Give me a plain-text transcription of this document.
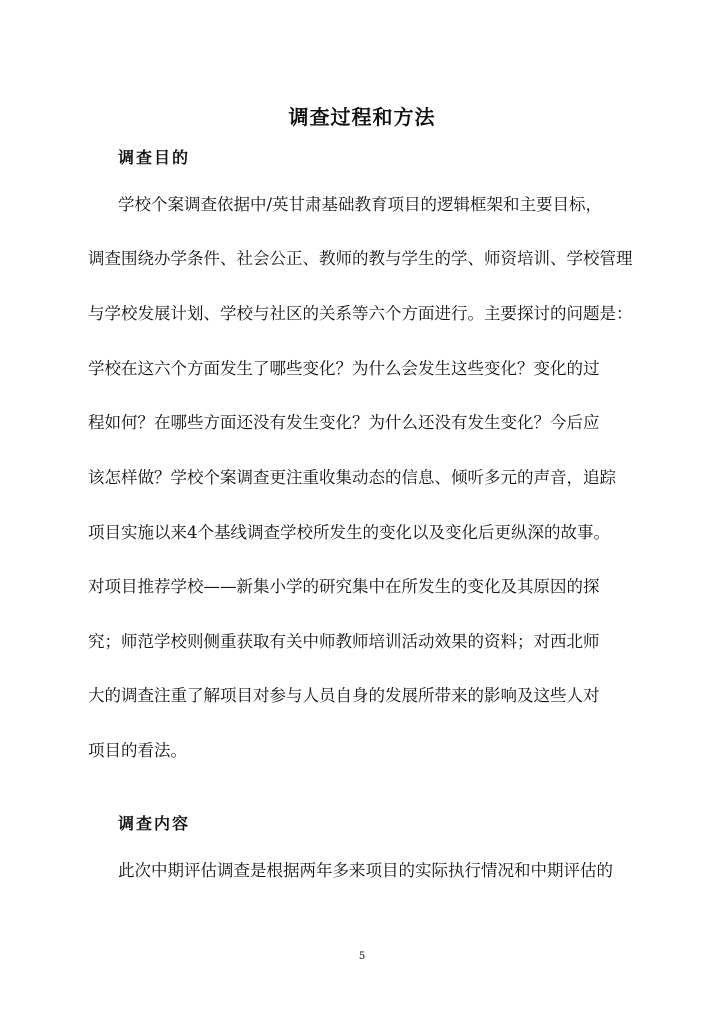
调查过程和方法
调查目的
学校个案调查依据中/英甘肃基础教育项目的逻辑框架和主要目标，
调查围绕办学条件、社会公正、教师的教与学生的学、师资培训、学校管理
与学校发展计划、学校与社区的关系等六个方面进行。主要探讨的问题是：
学校在这六个方面发生了哪些变化？为什么会发生这些变化？变化的过
程如何？在哪些方面还没有发生变化？为什么还没有发生变化？今后应
该怎样做？学校个案调查更注重收集动态的信息、倾听多元的声音，追踪
项目实施以来4个基线调查学校所发生的变化以及变化后更纵深的故事。
对项目推荐学校——新集小学的研究集中在所发生的变化及其原因的探
究；师范学校则侧重获取有关中师教师培训活动效果的资料；对西北师
大的调查注重了解项目对参与人员自身的发展所带来的影响及这些人对
项目的看法。
调查内容
此次中期评估调查是根据两年多来项目的实际执行情况和中期评估的
5
